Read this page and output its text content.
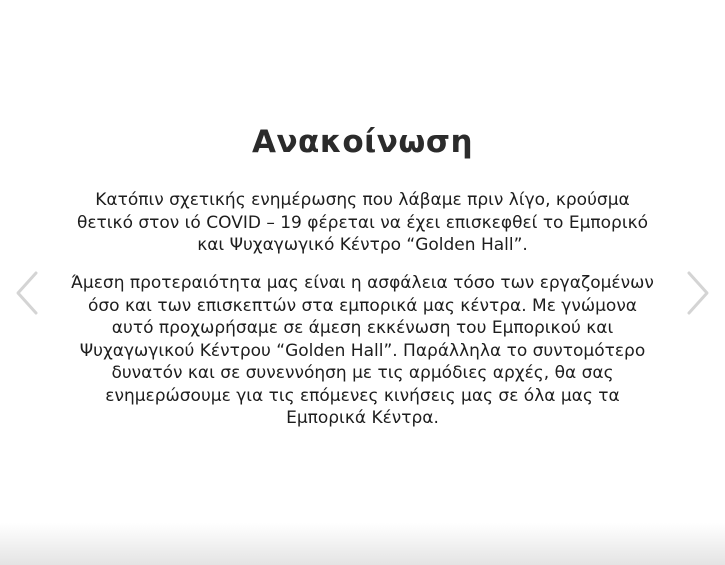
Ανακοίνωση
Κατόπιν σχετικής ενημέρωσης που λάβαμε πριν λίγο, κρούσμα
θετικό στον ιό COVID – 19 φέρεται να έχει επισκεφθεί το Εμπορικό
και Ψυχαγωγικό Κέντρο “Golden Hall”.
Άμεση προτεραιότητα μας είναι η ασφάλεια τόσο των εργαζομένων
όσο και των επισκεπτών στα εμπορικά μας κέντρα. Με γνώμονα
αυτό προχωρήσαμε σε άμεση εκκένωση του Εμπορικού και
Ψυχαγωγικού Κέντρου “Golden Hall”. Παράλληλα το συντομότερο
δυνατόν και σε συνεννόηση με τις αρμόδιες αρχές, θα σας
ενημερώσουμε για τις επόμενες κινήσεις μας σε όλα μας τα
Εμπορικά Κέντρα.
